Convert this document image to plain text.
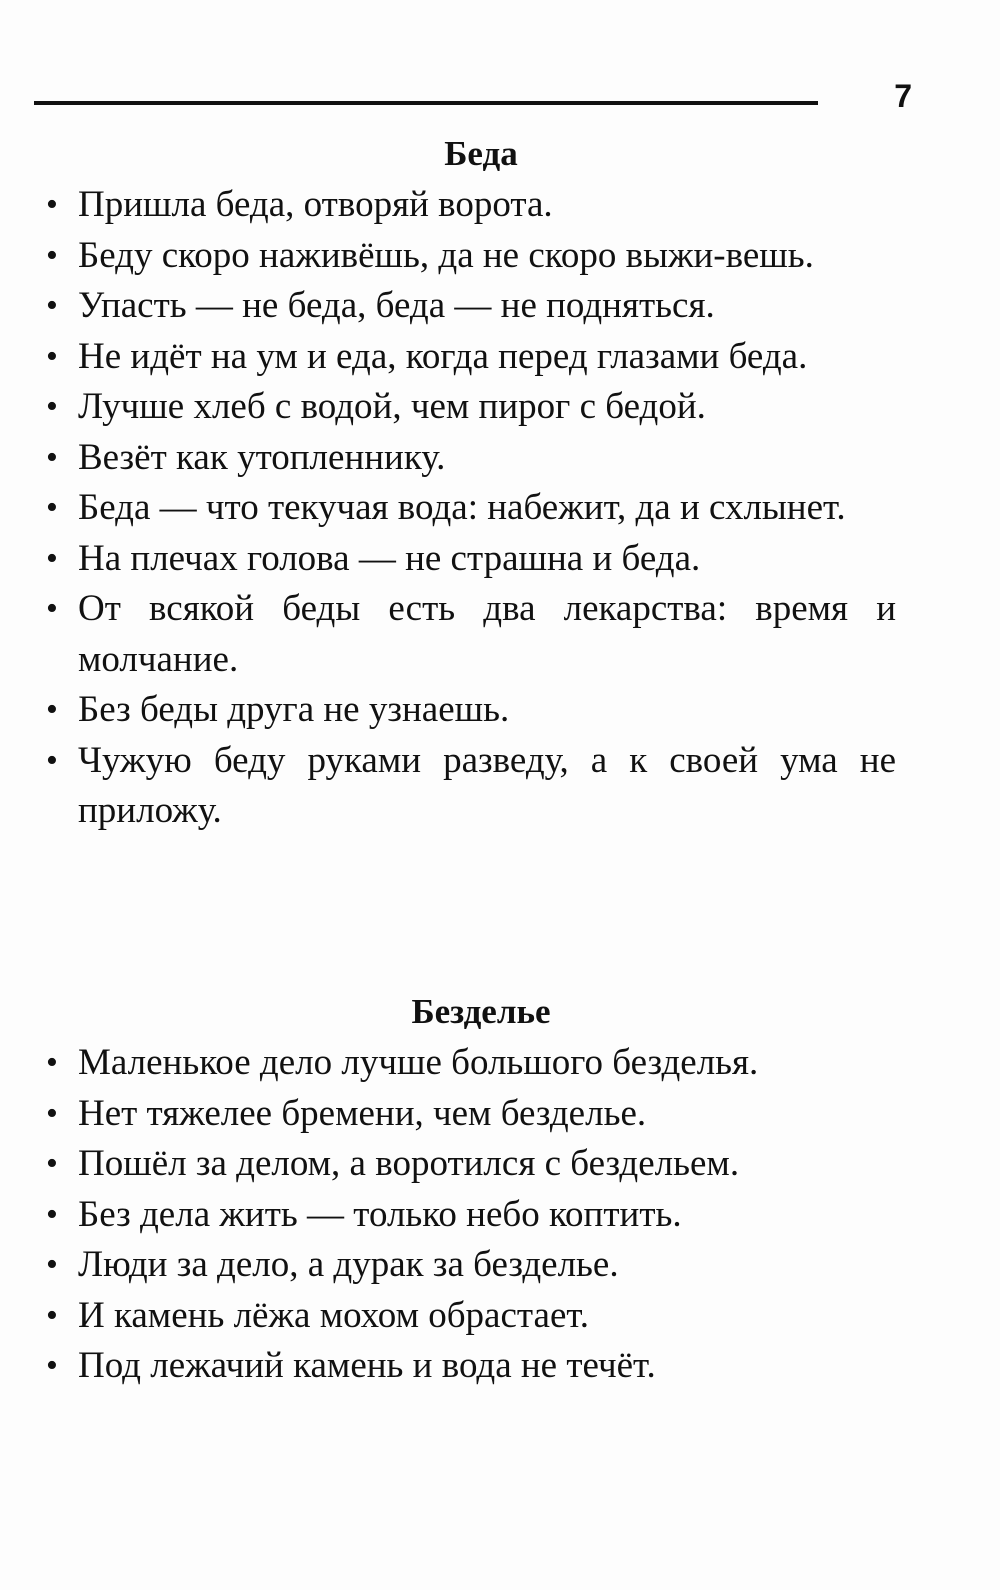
7
Беда
• Пришла беда, отворяй ворота.
• Беду скоро наживёшь, да не скоро выжи-вешь.
• Упасть — не беда, беда — не подняться.
• Не идёт на ум и еда, когда перед глазами беда.
• Лучше хлеб с водой, чем пирог с бедой.
• Везёт как утопленнику.
• Беда — что текучая вода: набежит, да и схлынет.
• На плечах голова — не страшна и беда.
• От всякой беды есть два лекарства: время и молчание.
• Без беды друга не узнаешь.
• Чужую беду руками разведу, а к своей ума не приложу.
Безделье
• Маленькое дело лучше большого безделья.
• Нет тяжелее бремени, чем безделье.
• Пошёл за делом, а воротился с бездельем.
• Без дела жить — только небо коптить.
• Люди за дело, а дурак за безделье.
• И камень лёжа мохом обрастает.
• Под лежачий камень и вода не течёт.
